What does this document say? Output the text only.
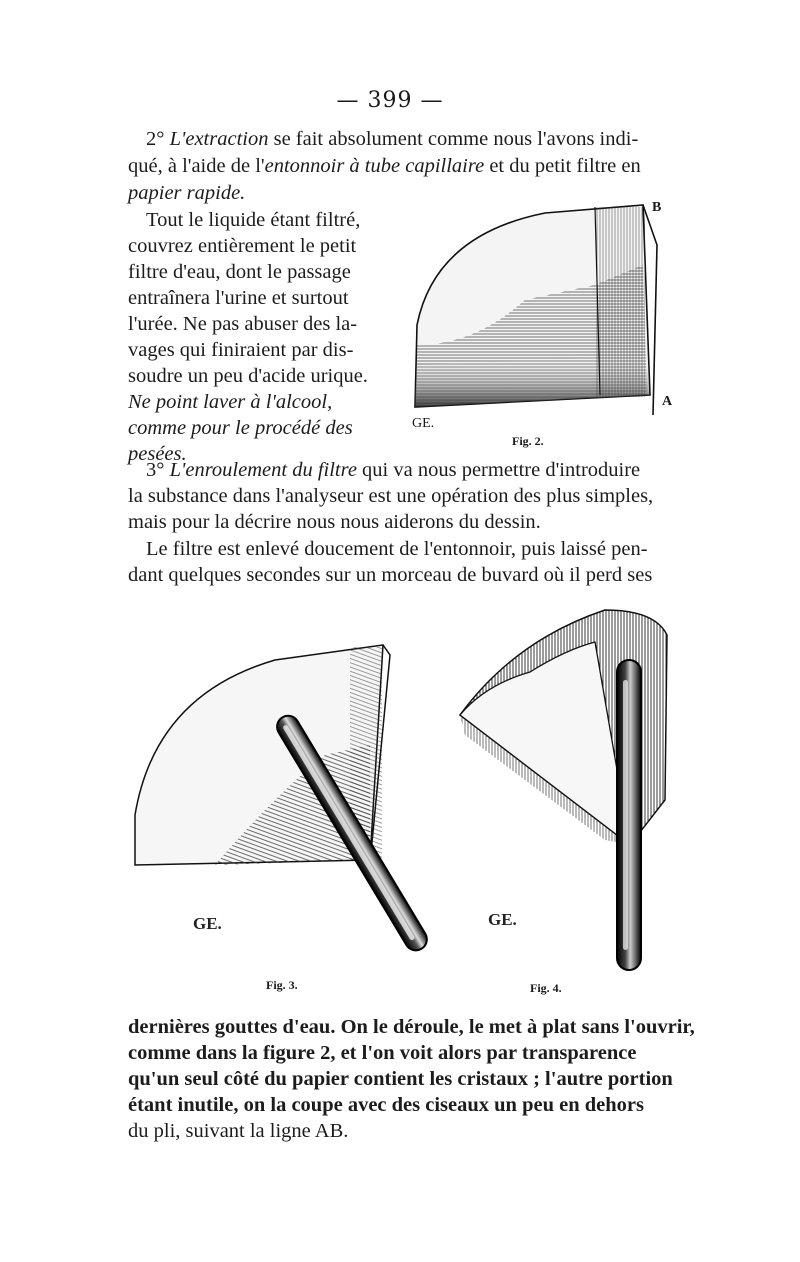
— 399 —
2° L'extraction se fait absolument comme nous l'avons indi-
qué, à l'aide de l'entonnoir à tube capillaire et du petit filtre en
papier rapide.
Tout le liquide étant filtré,
couvrez entièrement le petit
filtre d'eau, dont le passage
entraînera l'urine et surtout
l'urée. Ne pas abuser des la-
vages qui finiraient par dis-
soudre un peu d'acide urique.
Ne point laver à l'alcool,
comme pour le procédé des
pesées.
B
A
GE.
Fig. 2.
3° L'enroulement du filtre qui va nous permettre d'introduire
la substance dans l'analyseur est une opération des plus simples,
mais pour la décrire nous nous aiderons du dessin.
Le filtre est enlevé doucement de l'entonnoir, puis laissé pen-
dant quelques secondes sur un morceau de buvard où il perd ses
GE.
Fig. 3.
GE.
Fig. 4.
dernières gouttes d'eau. On le déroule, le met à plat sans l'ouvrir,
comme dans la figure 2, et l'on voit alors par transparence
qu'un seul côté du papier contient les cristaux ; l'autre portion
étant inutile, on la coupe avec des ciseaux un peu en dehors
du pli, suivant la ligne AB.
